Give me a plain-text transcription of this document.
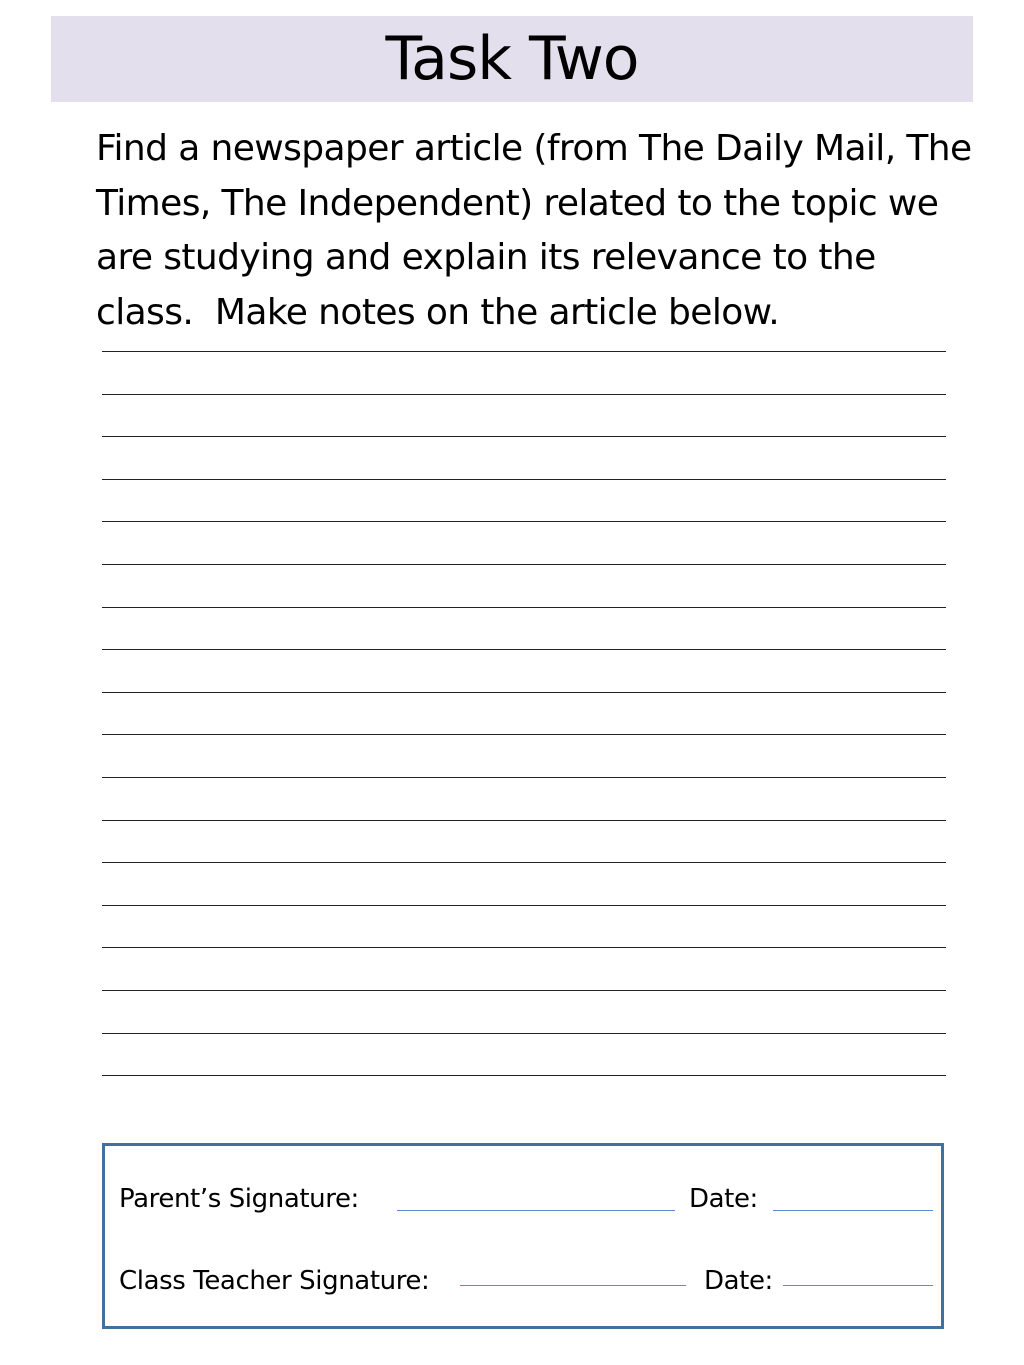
Task Two

Find a newspaper article (from The Daily Mail, The Times, The Independent) related to the topic we are studying and explain its relevance to the class.  Make notes on the article below.

Parent’s Signature:	Date:
Class Teacher Signature:	Date:
